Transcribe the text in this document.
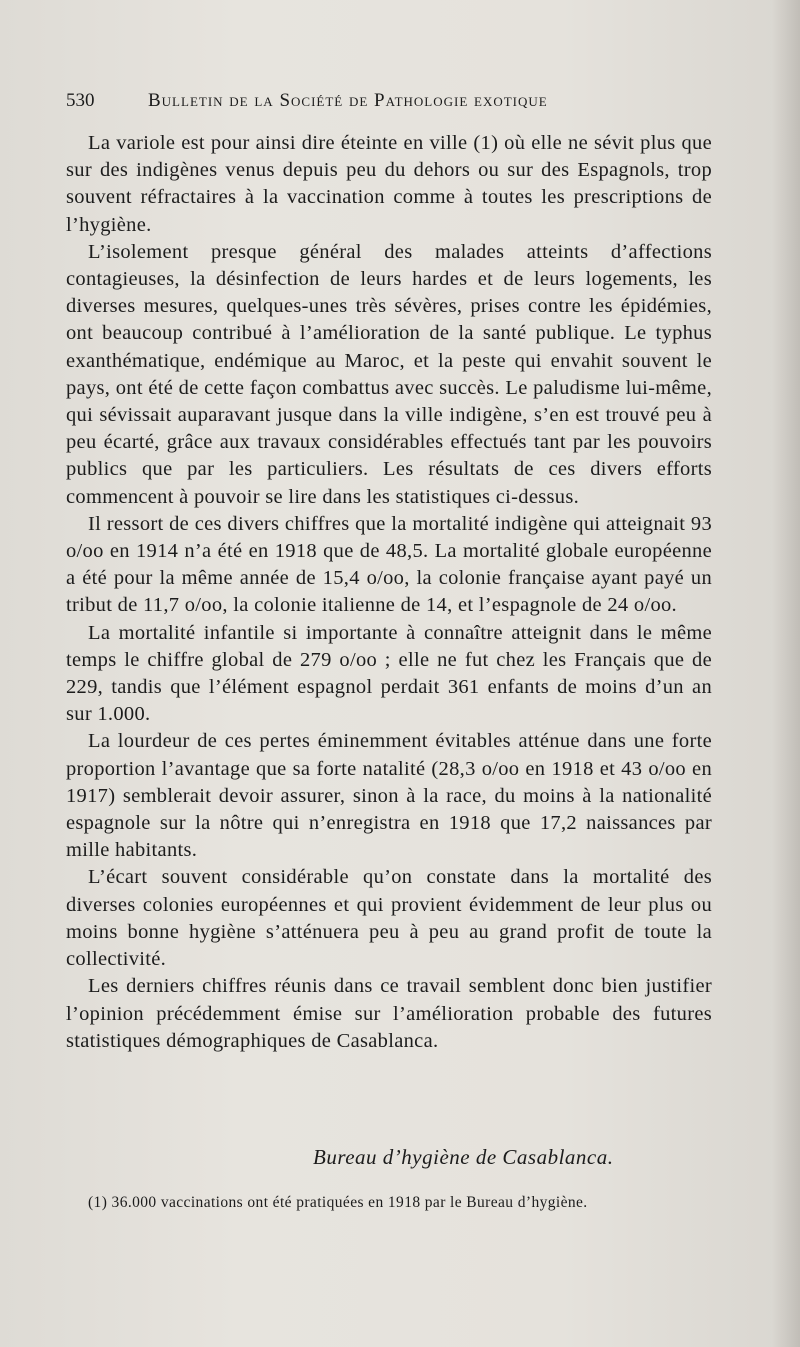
530	Bulletin de la Société de Pathologie exotique

La variole est pour ainsi dire éteinte en ville (1) où elle ne sévit plus que sur des indigènes venus depuis peu du dehors ou sur des Espagnols, trop souvent réfractaires à la vaccination comme à toutes les prescriptions de l’hygiène.

L’isolement presque général des malades atteints d’affections contagieuses, la désinfection de leurs hardes et de leurs logements, les diverses mesures, quelques-unes très sévères, prises contre les épidémies, ont beaucoup contribué à l’amélioration de la santé publique. Le typhus exanthématique, endémique au Maroc, et la peste qui envahit souvent le pays, ont été de cette façon combattus avec succès. Le paludisme lui-même, qui sévissait auparavant jusque dans la ville indigène, s’en est trouvé peu à peu écarté, grâce aux travaux considérables effectués tant par les pouvoirs publics que par les particuliers. Les résultats de ces divers efforts commencent à pouvoir se lire dans les statistiques ci-dessus.

Il ressort de ces divers chiffres que la mortalité indigène qui atteignait 93 o/oo en 1914 n’a été en 1918 que de 48,5. La mortalité globale européenne a été pour la même année de 15,4 o/oo, la colonie française ayant payé un tribut de 11,7 o/oo, la colonie italienne de 14, et l’espagnole de 24 o/oo.

La mortalité infantile si importante à connaître atteignit dans le même temps le chiffre global de 279 o/oo ; elle ne fut chez les Français que de 229, tandis que l’élément espagnol perdait 361 enfants de moins d’un an sur 1.000.

La lourdeur de ces pertes éminemment évitables atténue dans une forte proportion l’avantage que sa forte natalité (28,3 o/oo en 1918 et 43 o/oo en 1917) semblerait devoir assurer, sinon à la race, du moins à la nationalité espagnole sur la nôtre qui n’enregistra en 1918 que 17,2 naissances par mille habitants.

L’écart souvent considérable qu’on constate dans la mortalité des diverses colonies européennes et qui provient évidemment de leur plus ou moins bonne hygiène s’atténuera peu à peu au grand profit de toute la collectivité.

Les derniers chiffres réunis dans ce travail semblent donc bien justifier l’opinion précédemment émise sur l’amélioration probable des futures statistiques démographiques de Casablanca.

Bureau d’hygiène de Casablanca.
(1) 36.000 vaccinations ont été pratiquées en 1918 par le Bureau d’hygiène.
